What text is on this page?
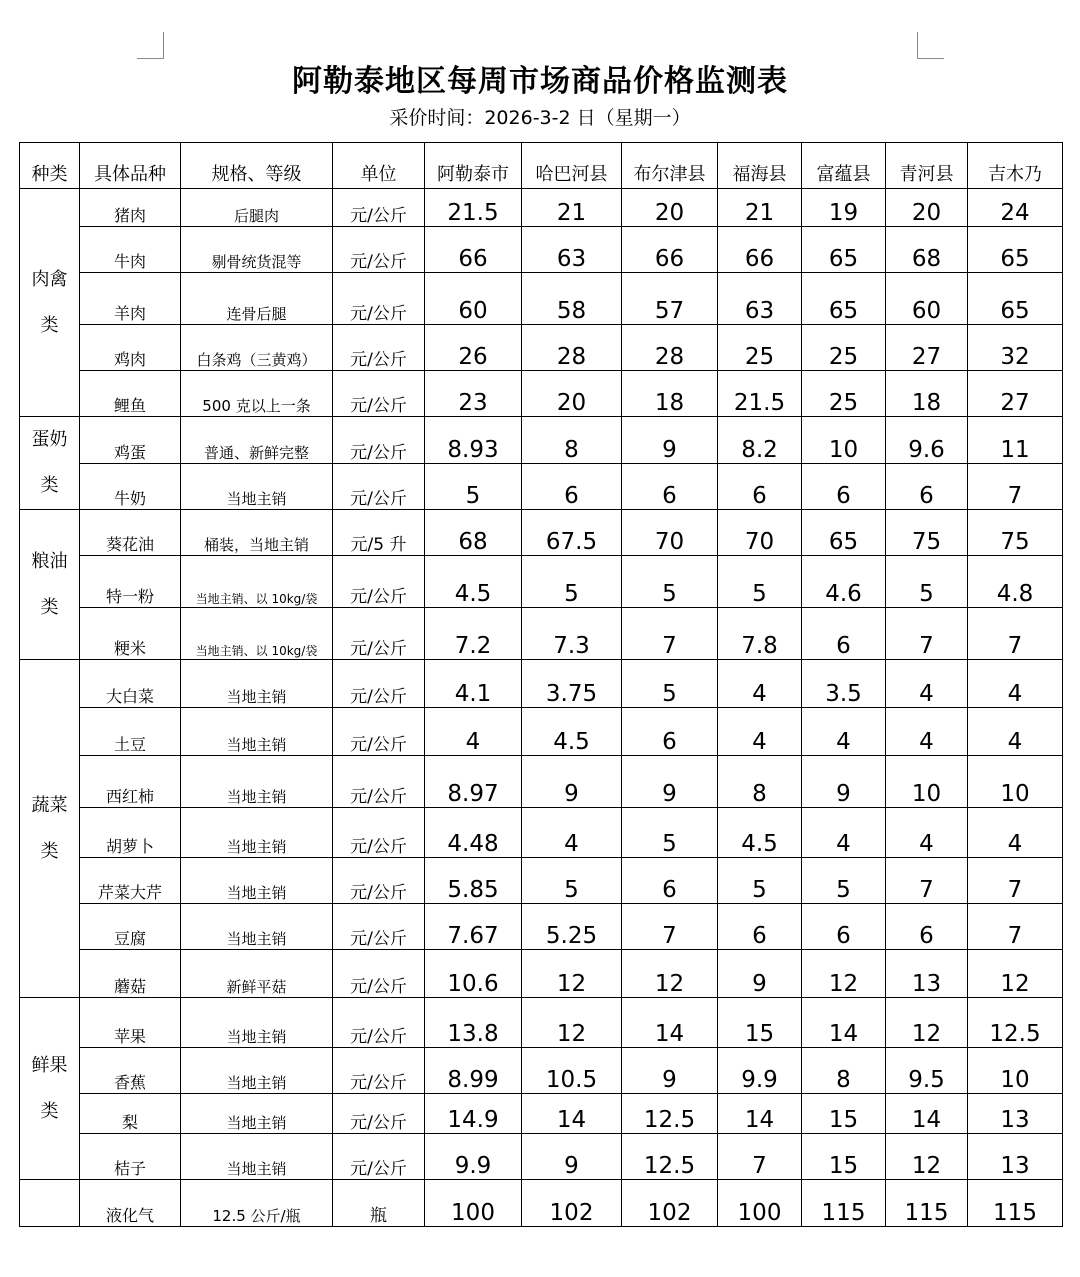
阿勒泰地区每周市场商品价格监测表
采价时间：2026-3-2 日（星期一）
种类	具体品种	规格、等级	单位	阿勒泰市	哈巴河县	布尔津县	福海县	富蕴县	青河县	吉木乃
肉禽类	猪肉	后腿肉	元/公斤	21.5	21	20	21	19	20	24
	牛肉	剔骨统货混等	元/公斤	66	63	66	66	65	68	65
	羊肉	连骨后腿	元/公斤	60	58	57	63	65	60	65
	鸡肉	白条鸡（三黄鸡）	元/公斤	26	28	28	25	25	27	32
	鲤鱼	500 克以上一条	元/公斤	23	20	18	21.5	25	18	27
蛋奶类	鸡蛋	普通、新鲜完整	元/公斤	8.93	8	9	8.2	10	9.6	11
	牛奶	当地主销	元/公斤	5	6	6	6	6	6	7
粮油类	葵花油	桶装，当地主销	元/5 升	68	67.5	70	70	65	75	75
	特一粉	当地主销、以 10kg/袋	元/公斤	4.5	5	5	5	4.6	5	4.8
	粳米	当地主销、以 10kg/袋	元/公斤	7.2	7.3	7	7.8	6	7	7
蔬菜类	大白菜	当地主销	元/公斤	4.1	3.75	5	4	3.5	4	4
	土豆	当地主销	元/公斤	4	4.5	6	4	4	4	4
	西红柿	当地主销	元/公斤	8.97	9	9	8	9	10	10
	胡萝卜	当地主销	元/公斤	4.48	4	5	4.5	4	4	4
	芹菜大芹	当地主销	元/公斤	5.85	5	6	5	5	7	7
	豆腐	当地主销	元/公斤	7.67	5.25	7	6	6	6	7
	蘑菇	新鲜平菇	元/公斤	10.6	12	12	9	12	13	12
鲜果类	苹果	当地主销	元/公斤	13.8	12	14	15	14	12	12.5
	香蕉	当地主销	元/公斤	8.99	10.5	9	9.9	8	9.5	10
	梨	当地主销	元/公斤	14.9	14	12.5	14	15	14	13
	桔子	当地主销	元/公斤	9.9	9	12.5	7	15	12	13
	液化气	12.5 公斤/瓶	瓶	100	102	102	100	115	115	115
